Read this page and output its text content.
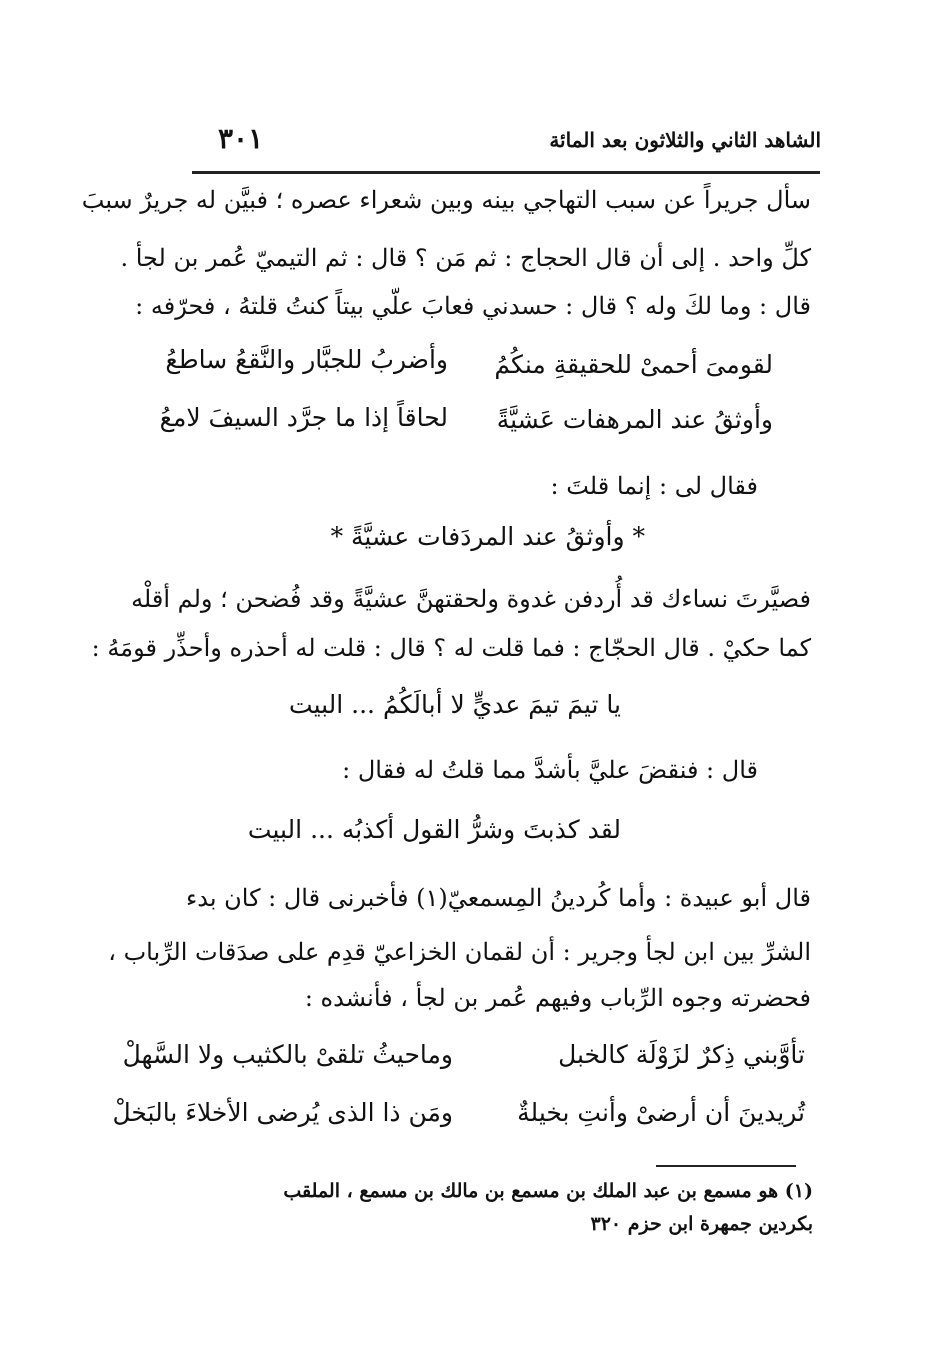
الشاهد الثاني والثلاثون بعد المائة
٣٠١
سأل جريراً عن سبب التهاجي بينه وبين شعراء عصره ؛ فبيَّن له جريرٌ سببَ
كلِّ واحد . إلى أن قال الحجاج : ثم مَن ؟ قال : ثم التيميّ عُمر بن لجأ .
قال : وما لكَ وله ؟ قال : حسدني فعابَ علّي بيتاً كنتُ قلتهُ ، فحرّفه :
لقومىَ أحمىْ للحقيقةِ منكُمُ
وأضربُ للجبَّار والنَّقعُ ساطعُ
وأوثقُ عند المرهفات عَشيَّةً
لحاقاً إذا ما جرَّد السيفَ لامعُ
فقال لى : إنما قلتَ :
* وأوثقُ عند المردَفات عشيَّةً *
فصيَّرتَ نساءك قد أُردفن غدوة ولحقتهنَّ عشيَّةً وقد فُضحن ؛ ولم أقلْه
كما حكيْ . قال الحجّاج : فما قلت له ؟ قال : قلت له أحذره وأحذِّر قومَهُ :
يا تيمَ تيمَ عديٍّ لا أبالَكُمُ ... البيت
قال : فنقضَ عليَّ بأشدَّ مما قلتُ له فقال :
لقد كذبتَ وشرُّ القول أكذبُه ... البيت
قال أبو عبيدة : وأما كُردينُ المِسمعيّ(١) فأخبرنى قال : كان بدء
الشرِّ بين ابن لجأ وجرير : أن لقمان الخزاعيّ قدِم على صدَقات الرِّباب ،
فحضرته وجوه الرِّباب وفيهم عُمر بن لجأ ، فأنشده :
تأوَّبني ذِكرٌ لزَوْلَة كالخبل
وماحيثُ تلقىْ بالكثيب ولا السَّهلْ
تُريدينَ أن أرضىْ وأنتِ بخيلةٌ
ومَن ذا الذى يُرضى الأخلاءَ بالبَخلْ
(١) هو مسمع بن عبد الملك بن مسمع بن مالك بن مسمع ، الملقب
بكردين جمهرة ابن حزم ٣٢٠
